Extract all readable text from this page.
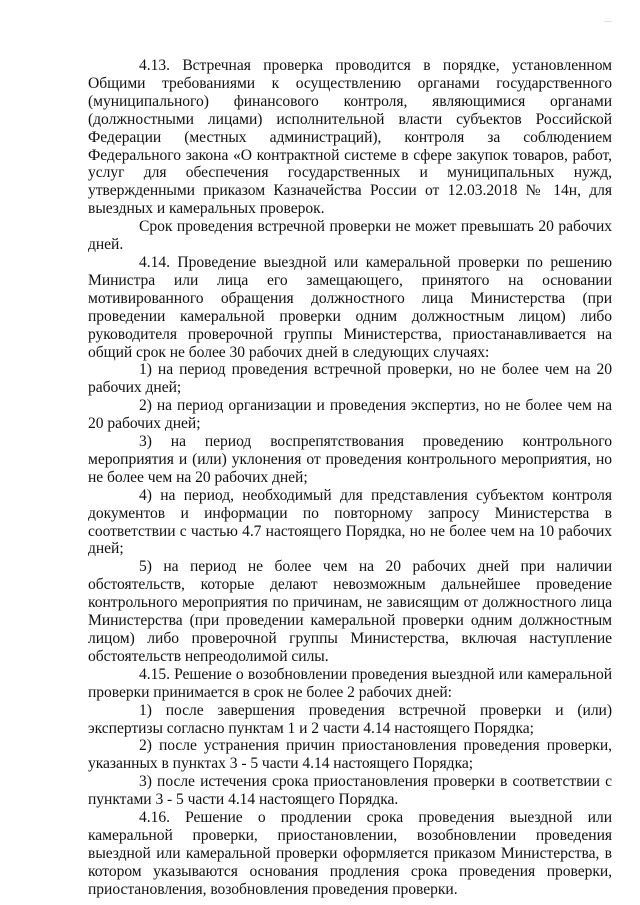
—

4.13. Встречная проверка проводится в порядке, установленном Общими требованиями к осуществлению органами государственного (муниципального) финансового контроля, являющимися органами (должностными лицами) исполнительной власти субъектов Российской Федерации (местных администраций), контроля за соблюдением Федерального закона «О контрактной системе в сфере закупок товаров, работ, услуг для обеспечения государственных и муниципальных нужд, утвержденными приказом Казначейства России от 12.03.2018 № 14н, для выездных и камеральных проверок.

Срок проведения встречной проверки не может превышать 20 рабочих дней.

4.14. Проведение выездной или камеральной проверки по решению Министра или лица его замещающего, принятого на основании мотивированного обращения должностного лица Министерства (при проведении камеральной проверки одним должностным лицом) либо руководителя проверочной группы Министерства, приостанавливается на общий срок не более 30 рабочих дней в следующих случаях:

1) на период проведения встречной проверки, но не более чем на 20 рабочих дней;

2) на период организации и проведения экспертиз, но не более чем на 20 рабочих дней;

3) на период воспрепятствования проведению контрольного мероприятия и (или) уклонения от проведения контрольного мероприятия, но не более чем на 20 рабочих дней;

4) на период, необходимый для представления субъектом контроля документов и информации по повторному запросу Министерства в соответствии с частью 4.7 настоящего Порядка, но не более чем на 10 рабочих дней;

5) на период не более чем на 20 рабочих дней при наличии обстоятельств, которые делают невозможным дальнейшее проведение контрольного мероприятия по причинам, не зависящим от должностного лица Министерства (при проведении камеральной проверки одним должностным лицом) либо проверочной группы Министерства, включая наступление обстоятельств непреодолимой силы.

4.15. Решение о возобновлении проведения выездной или камеральной проверки принимается в срок не более 2 рабочих дней:

1) после завершения проведения встречной проверки и (или) экспертизы согласно пунктам 1 и 2 части 4.14 настоящего Порядка;

2) после устранения причин приостановления проведения проверки, указанных в пунктах 3 - 5 части 4.14 настоящего Порядка;

3) после истечения срока приостановления проверки в соответствии с пунктами 3 - 5 части 4.14 настоящего Порядка.

4.16. Решение о продлении срока проведения выездной или камеральной проверки, приостановлении, возобновлении проведения выездной или камеральной проверки оформляется приказом Министерства, в котором указываются основания продления срока проведения проверки, приостановления, возобновления проведения проверки.
